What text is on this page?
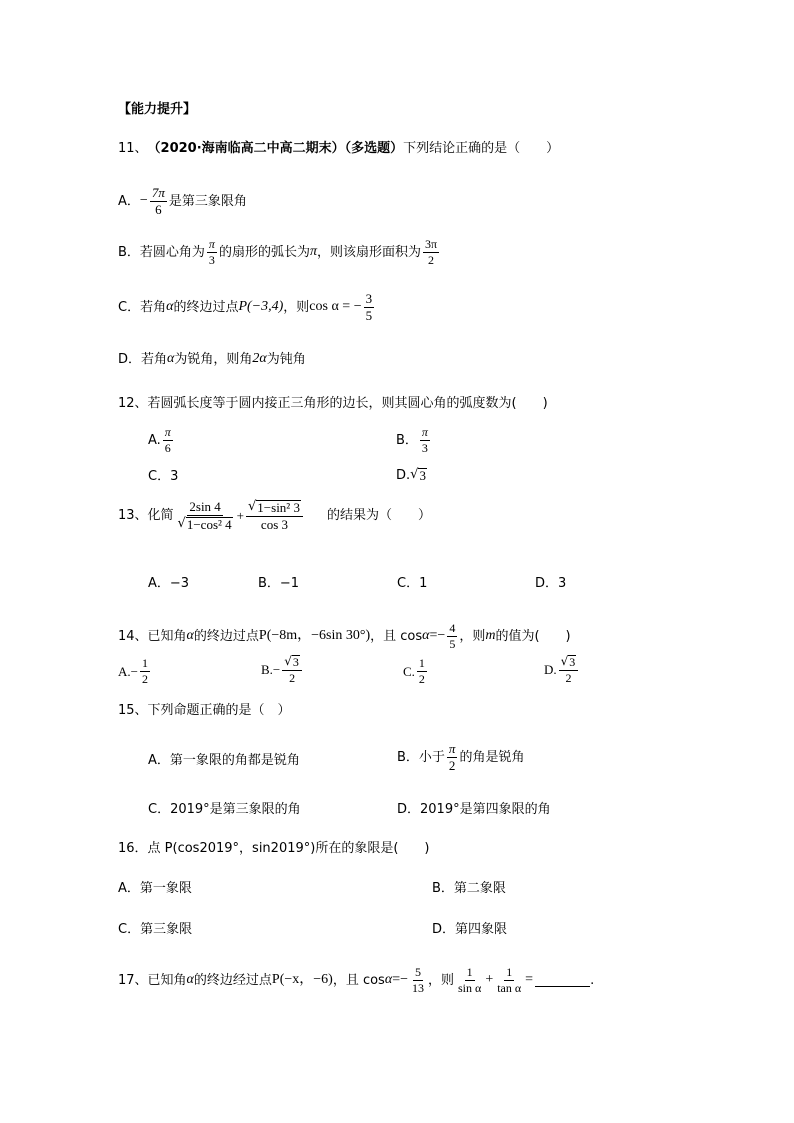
【能力提升】
11、 （2020·海南临高二中高二期末）（多选题） 下列结论正确的是（　　）
A． − $\frac{7\pi}{6}$ 是第三象限角
B．若圆心角为 $\frac{\pi}{3}$ 的扇形的弧长为 π ，则该扇形面积为 $\frac{3\pi}{2}$
C．若角 α 的终边过点 P(−3,4) ，则 cos α = − $\frac{3}{5}$
D．若角 α 为锐角，则角 2α 为钝角
12、若圆弧长度等于圆内接正三角形的边长，则其圆心角的弧度数为(　　)
A. $\frac{\pi}{6}$	B． $\frac{\pi}{3}$
C．3	D. √ 3
13、化简 $\frac{2\sin 4}{\text{√ 1−cos² 4}} + \frac{\text{√ 1−sin² 3}}{\cos 3}$ 的结果为（　　）
A．−3	B．−1	C．1	D．3
14、已知角 α 的终边过点 P(−8m，−6sin 30°) ，且 $\cos \alpha =- \frac{4}{5}$ ，则 m 的值为(　　)
$A.- \frac{1}{2}$	$B.- \frac{√ 3}{2}$	C. $\frac{1}{2}$	D. $\frac{√ 3}{2}$
15、下列命题正确的是（　）
A．第一象限的角都是锐角	B．小于 $\frac{\pi}{2}$ 的角是锐角
C．2019°是第三象限的角	D．2019°是第四象限的角
16．点 P(cos2019°，sin2019°)所在的象限是(　　)
A．第一象限	B．第二象限
C．第三象限	D．第四象限
17、已知角 α 的终边经过点 P(−x，−6) ，且 $\cos \alpha =- \frac{5}{13}$ ，则 $\frac{1}{\text{sin α}} + \frac{1}{\text{tan α}}$ =	.
